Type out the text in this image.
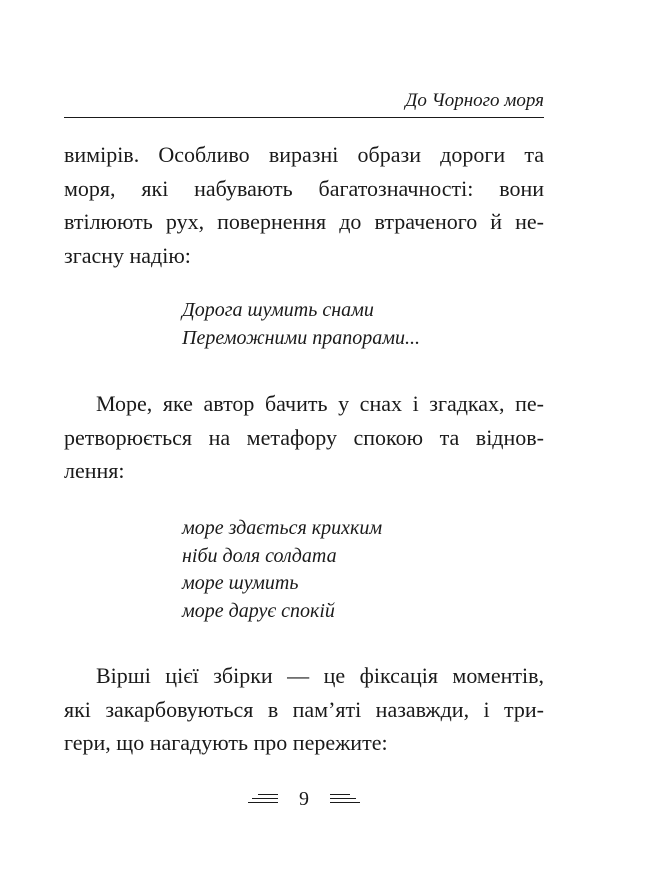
До Чорного моря
вимірів. Особливо виразні образи дороги та
моря, які набувають багатозначності: вони
втілюють рух, повернення до втраченого й не-
згасну надію:
Дорога шумить снами
Переможними прапорами...
Море, яке автор бачить у снах і згадках, пе-
ретворюється на метафору спокою та віднов-
лення:
море здається крихким
ніби доля солдата
море шумить
море дарує спокій
Вірші цієї збірки — це фіксація моментів,
які закарбовуються в пам’яті назавжди, і три-
гери, що нагадують про пережите:
9
